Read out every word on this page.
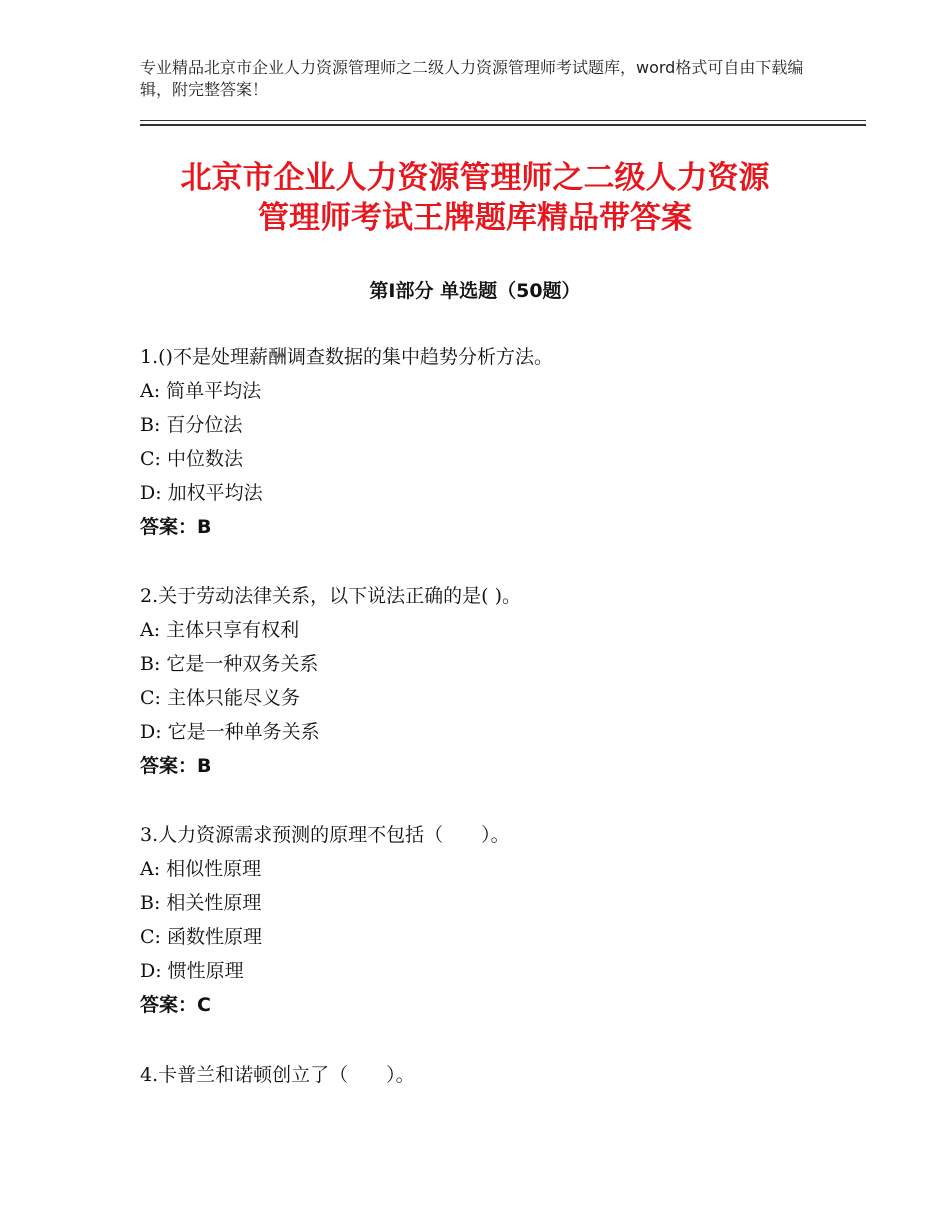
专业精品北京市企业人力资源管理师之二级人力资源管理师考试题库，word格式可自由下载编辑，附完整答案！
北京市企业人力资源管理师之二级人力资源
管理师考试王牌题库精品带答案
第Ⅰ部分 单选题（50题）
1.()不是处理薪酬调查数据的集中趋势分析方法。
A: 简单平均法
B: 百分位法
C: 中位数法
D: 加权平均法
答案：B
2.关于劳动法律关系，以下说法正确的是( )。
A: 主体只享有权利
B: 它是一种双务关系
C: 主体只能尽义务
D: 它是一种单务关系
答案：B
3.人力资源需求预测的原理不包括（　　）。
A: 相似性原理
B: 相关性原理
C: 函数性原理
D: 惯性原理
答案：C
4.卡普兰和诺顿创立了（　　）。
